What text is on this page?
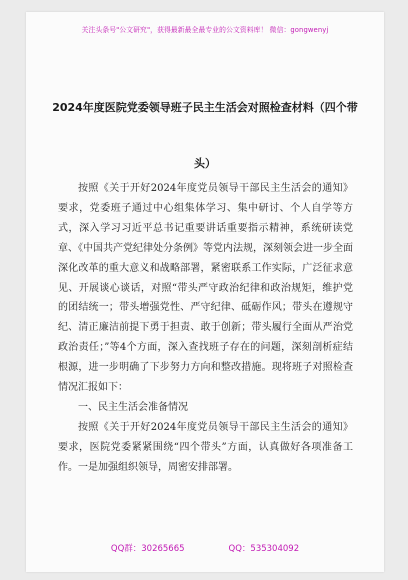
关注头条号"公文研究"，获得最新最全最专业的公文资料库！ 微信：gongwenyj
2024年度医院党委领导班子民主生活会对照检查材料（四个带头）

按照《关于开好2024年度党员领导干部民主生活会的通知》要求，党委班子通过中心组集体学习、集中研讨、个人自学等方式，深入学习习近平总书记重要讲话重要指示精神，系统研读党章、《中国共产党纪律处分条例》等党内法规，深刻领会进一步全面深化改革的重大意义和战略部署，紧密联系工作实际，广泛征求意见、开展谈心谈话，对照“带头严守政治纪律和政治规矩，维护党的团结统一；带头增强党性、严守纪律、砥砺作风；带头在遵规守纪、清正廉洁前提下勇于担责、敢于创新；带头履行全面从严治党政治责任；”等4个方面，深入查找班子存在的问题，深刻剖析症结根源，进一步明确了下步努力方向和整改措施。现将班子对照检查情况汇报如下：

一、民主生活会准备情况

按照《关于开好2024年度党员领导干部民主生活会的通知》要求，医院党委紧紧围绕“四个带头”方面，认真做好各项准备工作。一是加强组织领导，周密安排部署。

QQ群：30265665	QQ：535304092
